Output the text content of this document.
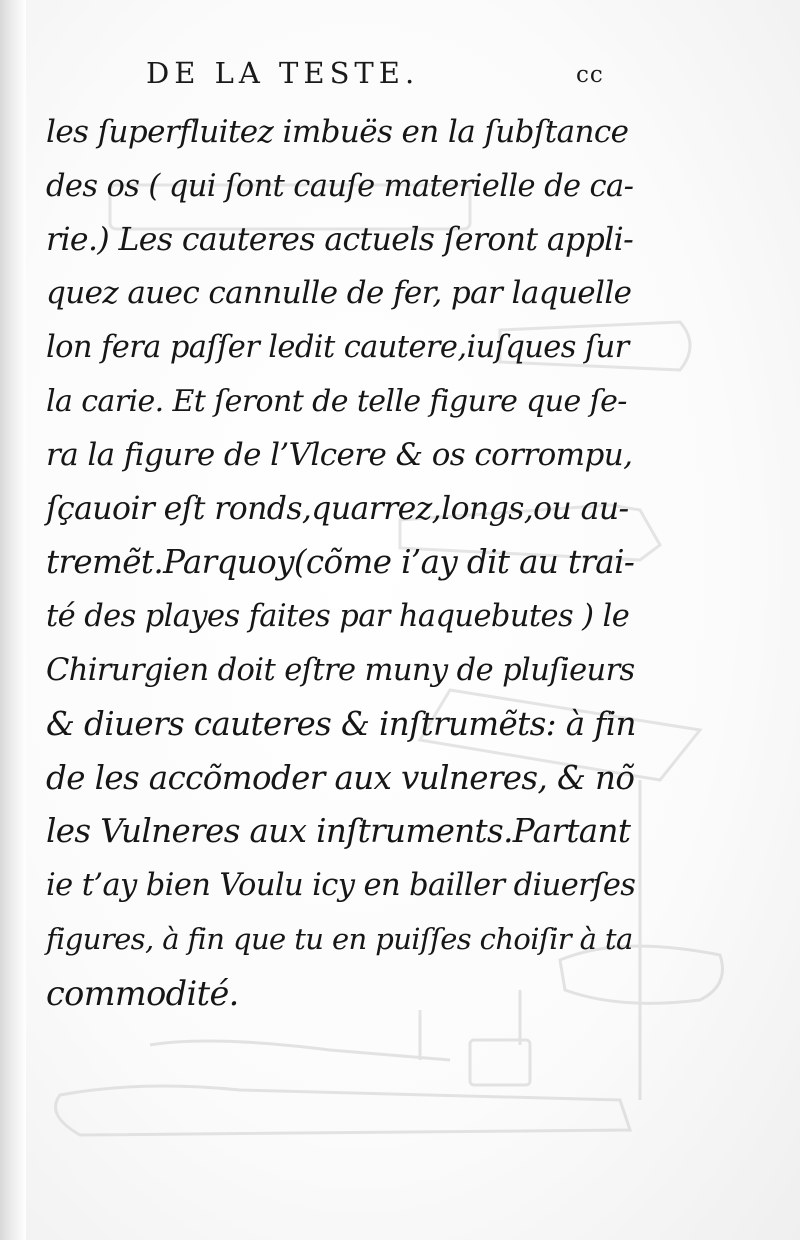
DE LA TESTE.	cc
les ſuperfluitez imbuës en la ſubſtance
des os ( qui ſont cauſe materielle de ca-
rie.) Les cauteres actuels ſeront appli-
quez auec cannulle de fer, par laquelle
lon fera paſſer ledit cautere,iuſques ſur
la carie. Et ſeront de telle figure que ſe-
ra la figure de l’Vlcere & os corrompu,
ſçauoir eſt ronds,quarrez,longs,ou au-
tremẽt.Parquoy(cõme i’ay dit au trai-
té des playes faites par haquebutes ) le
Chirurgien doit eſtre muny de pluſieurs
& diuers cauteres & inſtrumẽts: à fin
de les accõmoder aux vulneres, & nõ
les Vulneres aux inſtruments.Partant
ie t’ay bien Voulu icy en bailler diuerſes
figures, à fin que tu en puiſſes choiſir à ta
commodité.
